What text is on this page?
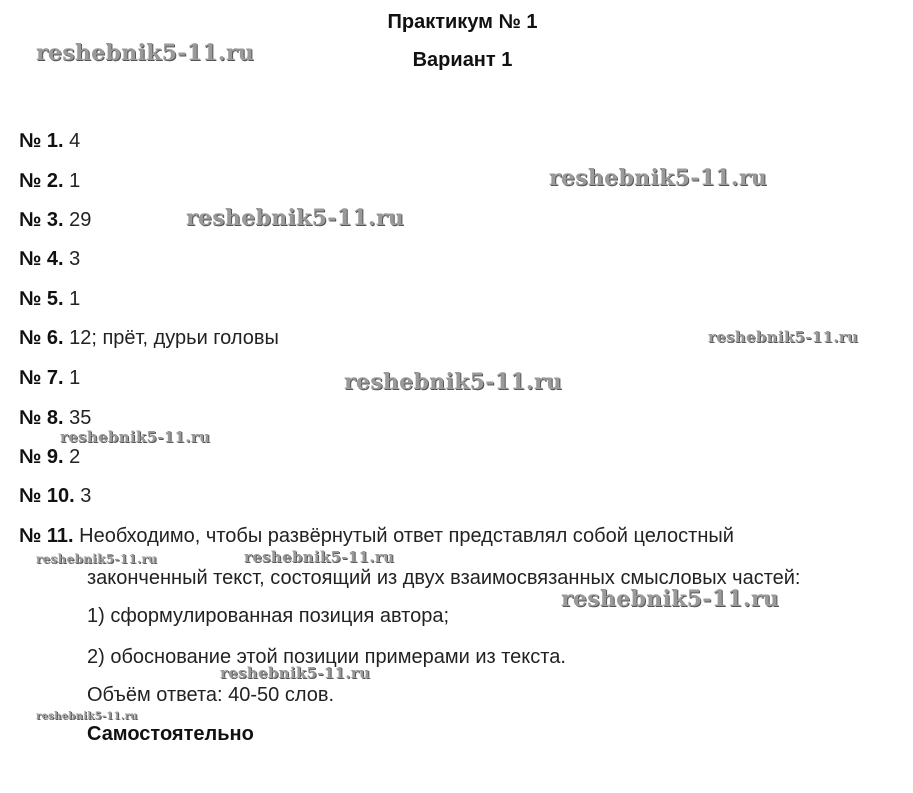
Практикум № 1
Вариант 1
№ 1. 4
№ 2. 1
№ 3. 29
№ 4. 3
№ 5. 1
№ 6. 12; прёт, дурьи головы
№ 7. 1
№ 8. 35
№ 9. 2
№ 10. 3
№ 11. Необходимо, чтобы развёрнутый ответ представлял собой целостный
законченный текст, состоящий из двух взаимосвязанных смысловых частей:
1) сформулированная позиция автора;
2) обоснование этой позиции примерами из текста.
Объём ответа: 40-50 слов.
Самостоятельно
reshebnik5-11.ru
reshebnik5-11.ru
reshebnik5-11.ru
reshebnik5-11.ru
reshebnik5-11.ru
reshebnik5-11.ru
reshebnik5-11.ru	reshebnik5-11.ru
reshebnik5-11.ru
reshebnik5-11.ru
reshebnik5-11.ru
